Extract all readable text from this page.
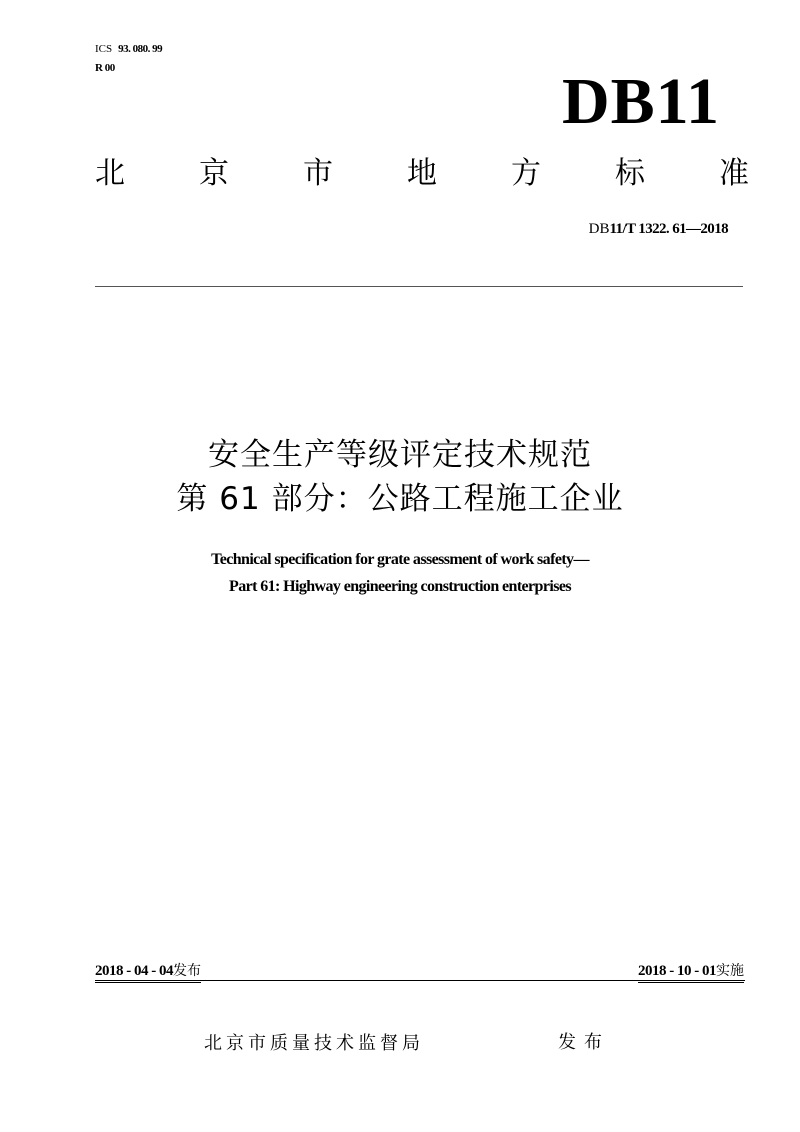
ICS 93. 080. 99
R 00	DB11
北 京 市 地 方 标 准
DB11/T 1322. 61—2018
安全生产等级评定技术规范
第 61 部分：公路工程施工企业
Technical specification for grate assessment of work safety—
Part 61: Highway engineering construction enterprises
2018 - 04 - 04发布	2018 - 10 - 01实施
北京市质量技术监督局	发布
